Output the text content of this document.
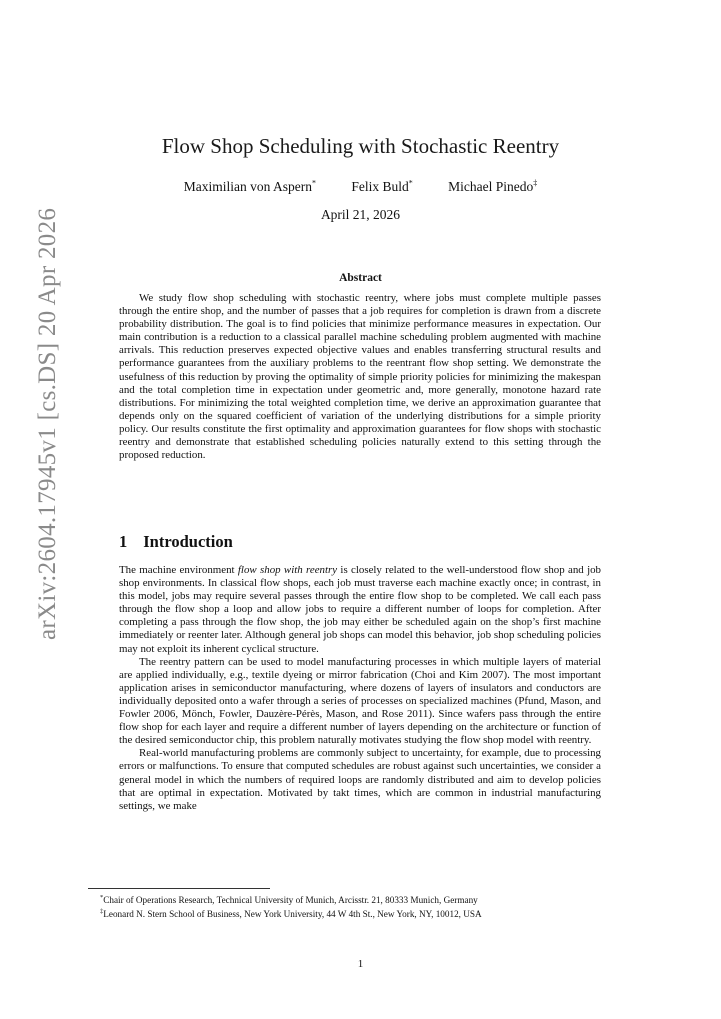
arXiv:2604.17945v1 [cs.DS] 20 Apr 2026
Flow Shop Scheduling with Stochastic Reentry
Maximilian von Aspern*	Felix Buld*	Michael Pinedo‡
April 21, 2026
Abstract
We study flow shop scheduling with stochastic reentry, where jobs must complete multiple passes through the entire shop, and the number of passes that a job requires for completion is drawn from a discrete probability distribution. The goal is to find policies that minimize performance measures in expectation. Our main contribution is a reduction to a classical parallel machine scheduling problem augmented with machine arrivals. This reduction preserves expected objective values and enables transferring structural results and performance guarantees from the auxiliary problems to the reentrant flow shop setting. We demonstrate the usefulness of this reduction by proving the optimality of simple priority policies for minimizing the makespan and the total completion time in expectation under geometric and, more generally, monotone hazard rate distributions. For minimizing the total weighted completion time, we derive an approximation guarantee that depends only on the squared coefficient of variation of the underlying distributions for a simple priority policy. Our results constitute the first optimality and approximation guarantees for flow shops with stochastic reentry and demonstrate that established scheduling policies naturally extend to this setting through the proposed reduction.
1 Introduction

The machine environment flow shop with reentry is closely related to the well-understood flow shop and job shop environments. In classical flow shops, each job must traverse each machine exactly once; in contrast, in this model, jobs may require several passes through the entire flow shop to be completed. We call each pass through the flow shop a loop and allow jobs to require a different number of loops for completion. After completing a pass through the flow shop, the job may either be scheduled again on the shop’s first machine immediately or reenter later. Although general job shops can model this behavior, job shop scheduling policies may not exploit its inherent cyclical structure.

The reentry pattern can be used to model manufacturing processes in which multiple layers of material are applied individually, e.g., textile dyeing or mirror fabrication (Choi and Kim 2007). The most important application arises in semiconductor manufacturing, where dozens of layers of insulators and conductors are individually deposited onto a wafer through a series of processes on specialized machines (Pfund, Mason, and Fowler 2006, Mönch, Fowler, Dauzère-Pérès, Mason, and Rose 2011). Since wafers pass through the entire flow shop for each layer and require a different number of layers depending on the architecture or function of the desired semiconductor chip, this problem naturally motivates studying the flow shop model with reentry.

Real-world manufacturing problems are commonly subject to uncertainty, for example, due to processing errors or malfunctions. To ensure that computed schedules are robust against such uncertainties, we consider a general model in which the numbers of required loops are randomly distributed and aim to develop policies that are optimal in expectation. Motivated by takt times, which are common in industrial manufacturing settings, we make

*Chair of Operations Research, Technical University of Munich, Arcisstr. 21, 80333 Munich, Germany
‡Leonard N. Stern School of Business, New York University, 44 W 4th St., New York, NY, 10012, USA
1
